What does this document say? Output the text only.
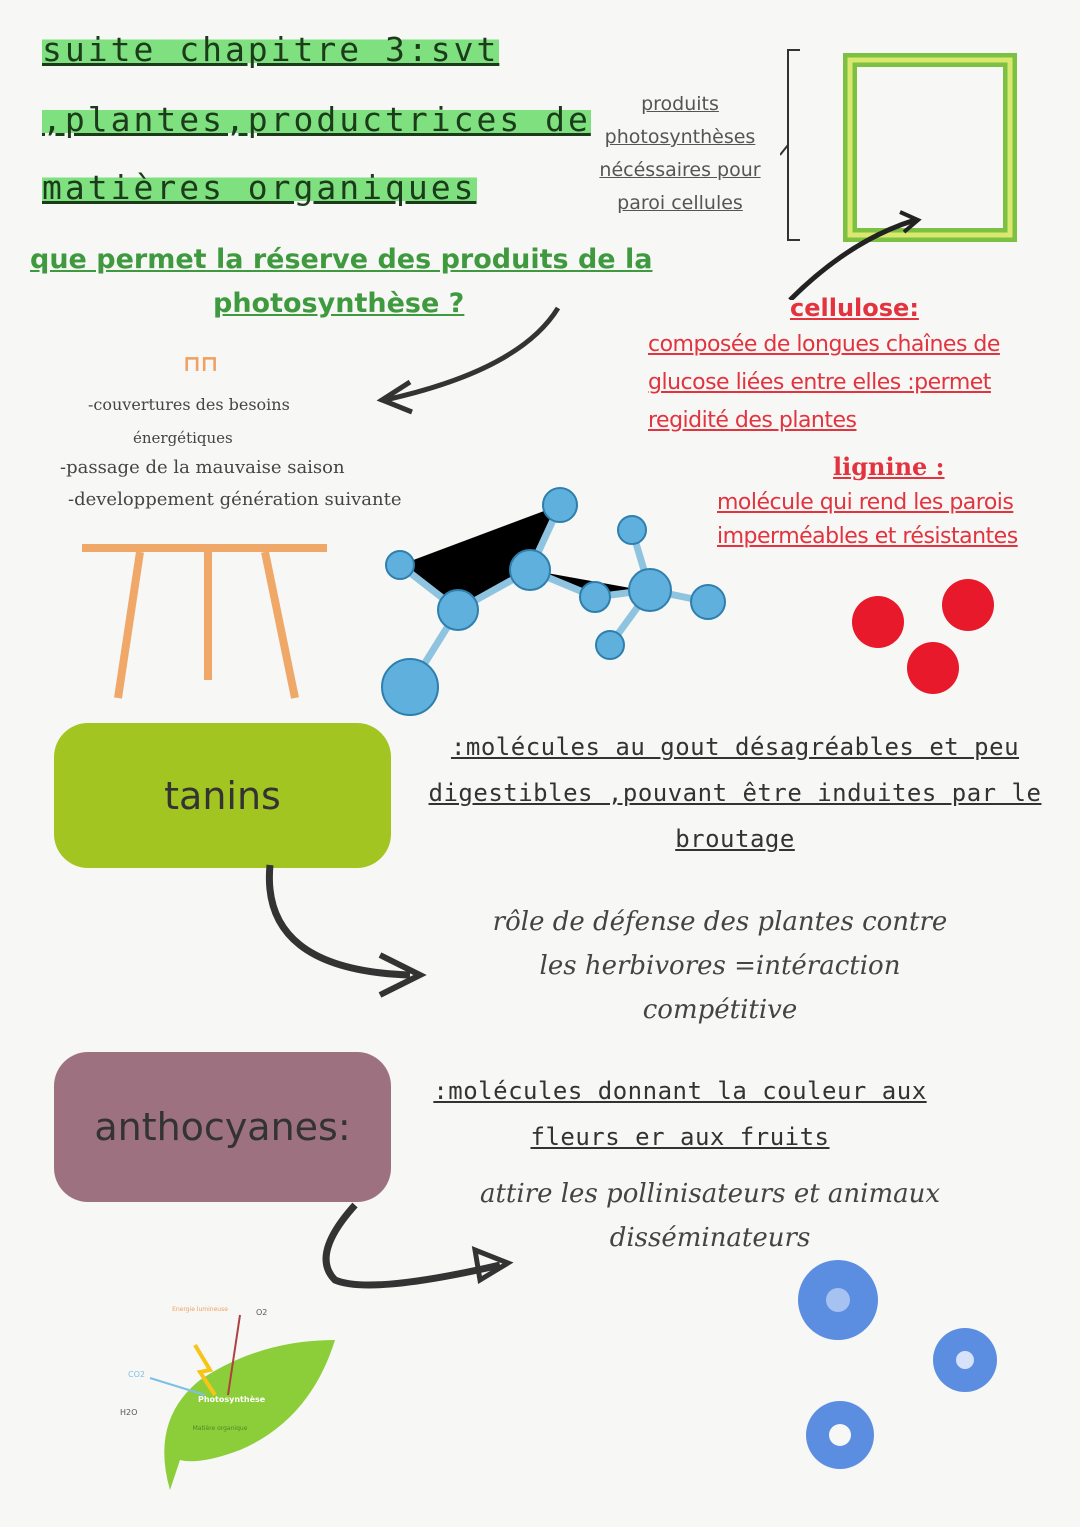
suite chapitre 3:svt
,plantes,productrices de
matières organiques
produits
photosynthèses
nécéssaires pour
paroi cellules
que permet la réserve des produits de la
photosynthèse ?
⊓⊓
-couvertures des besoins
énergétiques
-passage de la mauvaise saison
-developpement génération suivante
cellulose:
composée de longues chaînes de
glucose liées entre elles :permet
regidité des plantes
lignine :
molécule qui rend les parois
imperméables et résistantes
tanins
:molécules au gout désagréables et peu
digestibles ,pouvant être induites par le
broutage
rôle de défense des plantes contre
les herbivores =intéraction
compétitive
anthocyanes:
:molécules donnant la couleur aux
fleurs er aux fruits
attire les pollinisateurs et animaux
disséminateurs
Energie lumineuse	O2
CO2
H2O
Photosynthèse
Matière organique
